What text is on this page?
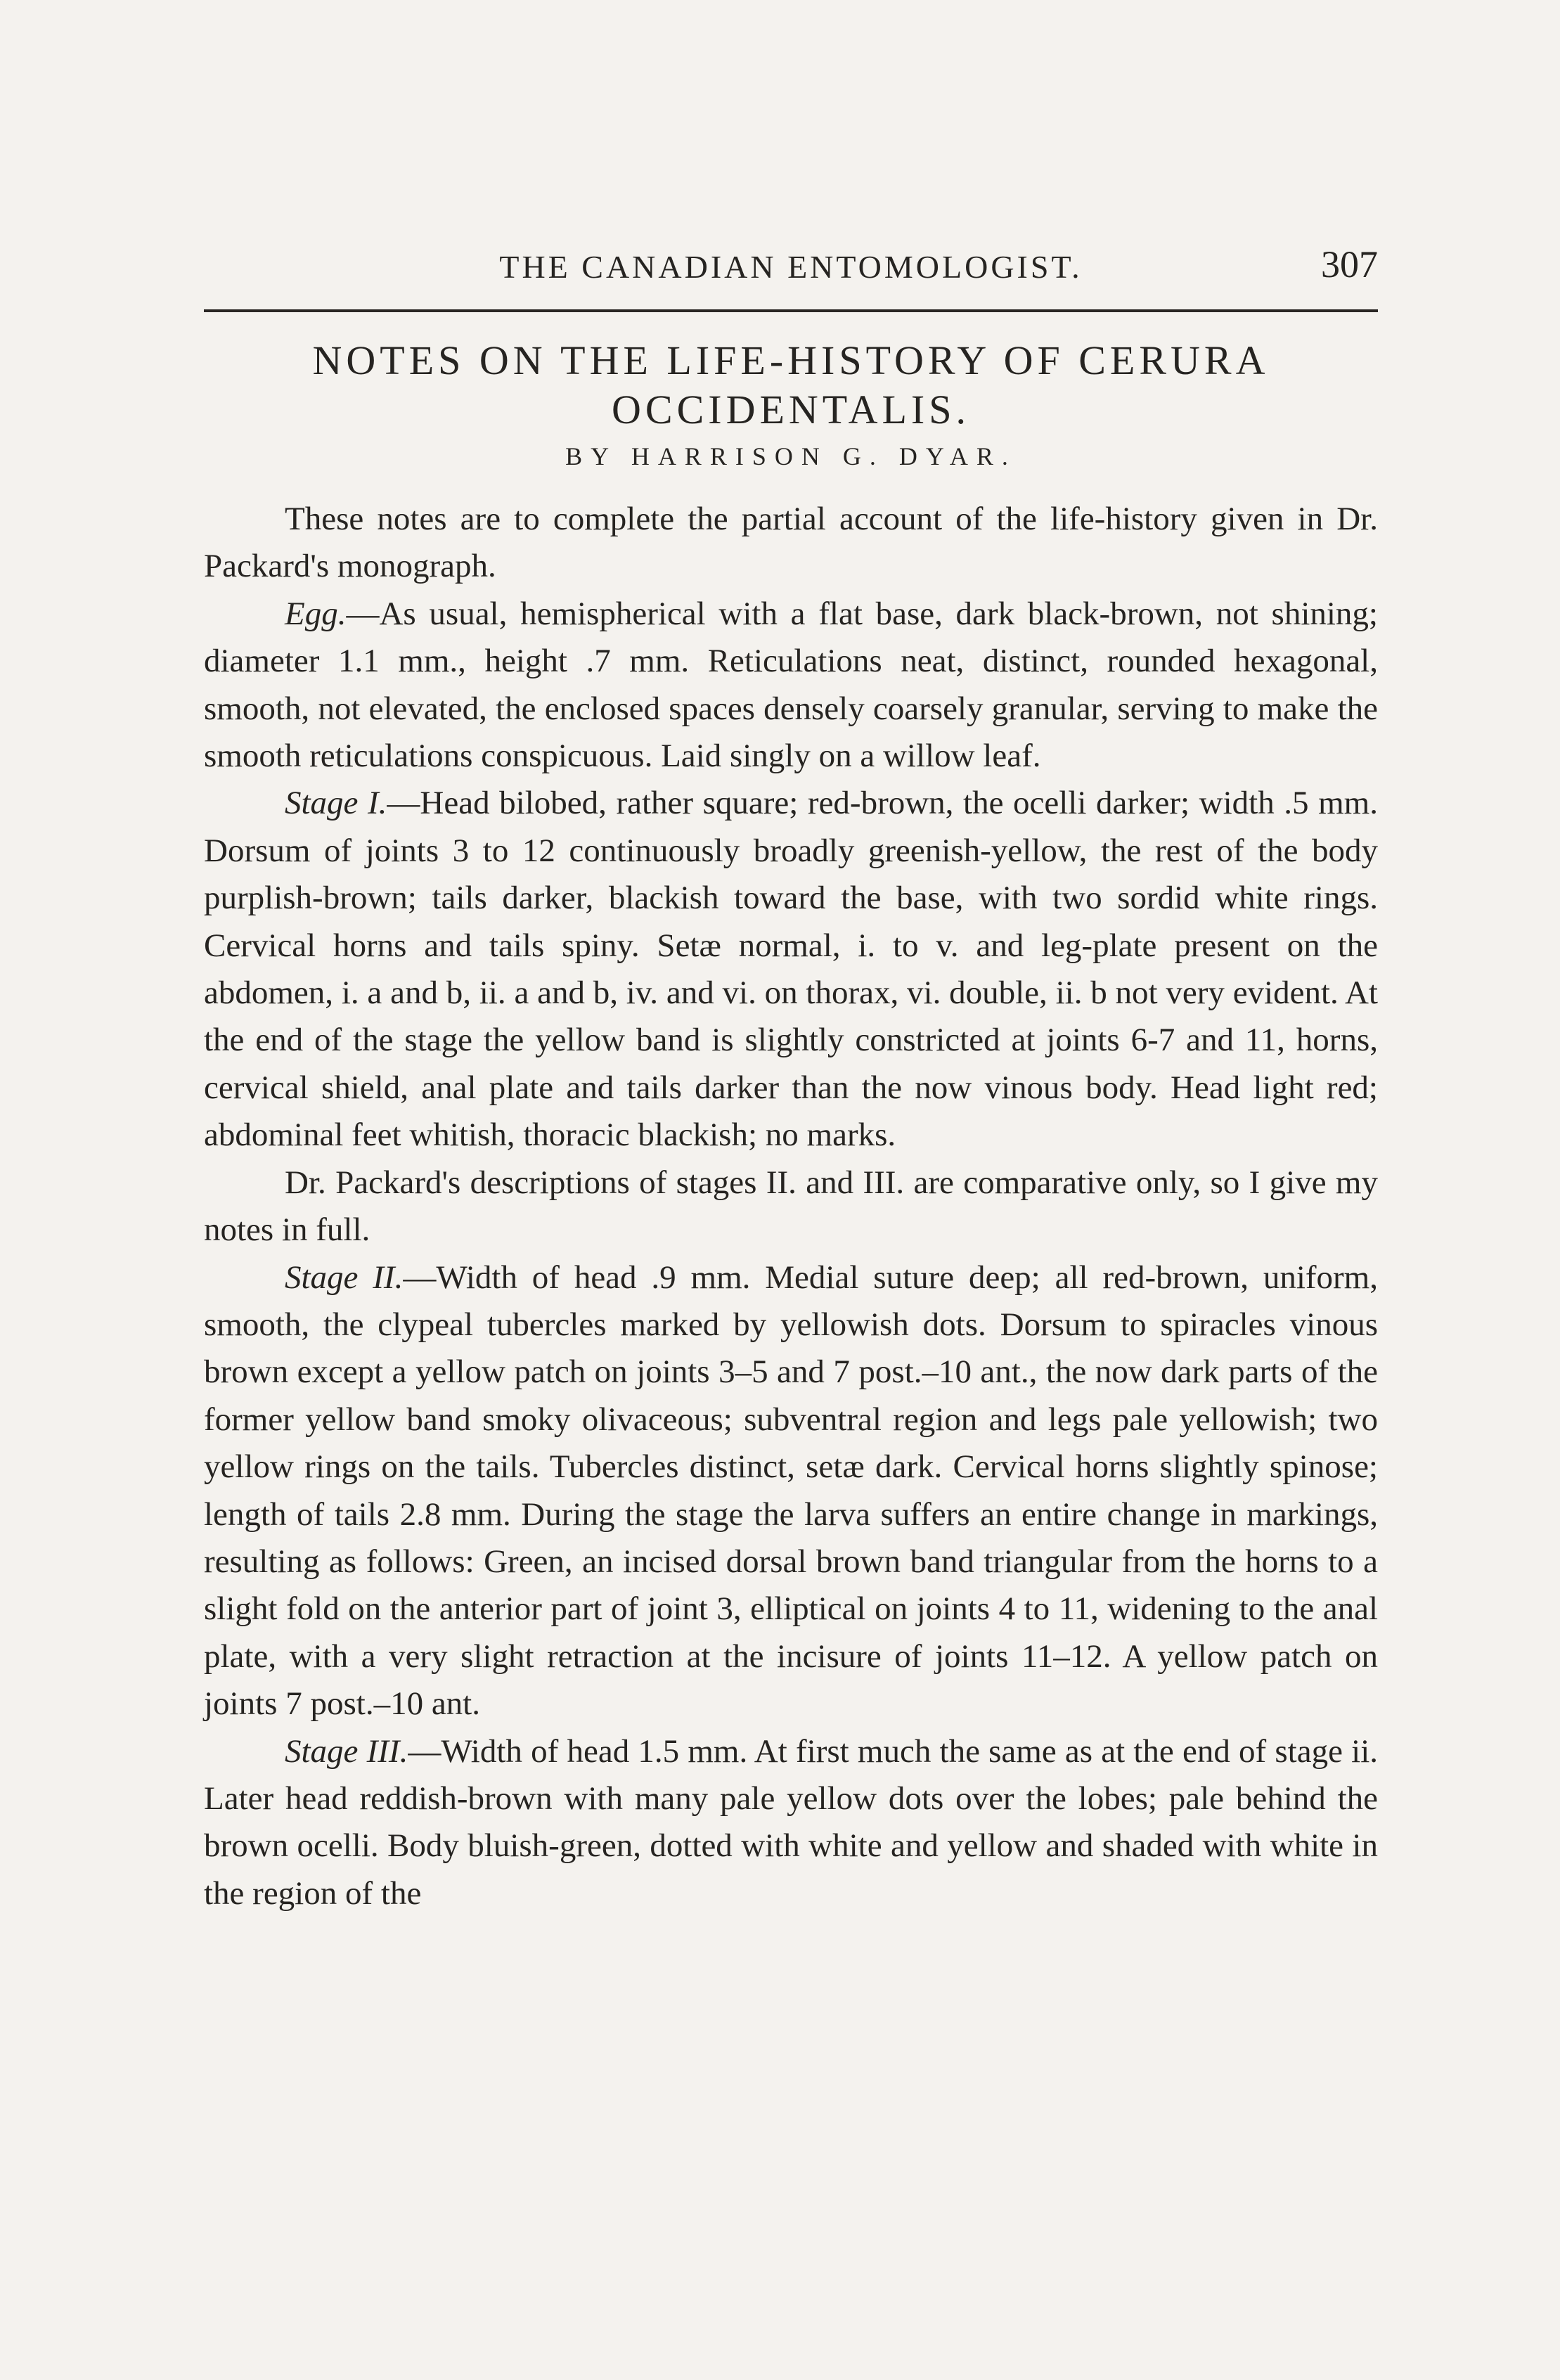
THE CANADIAN ENTOMOLOGIST.	307
NOTES ON THE LIFE-HISTORY OF CERURA
OCCIDENTALIS.
BY HARRISON G. DYAR.

These notes are to complete the partial account of the life-history given in Dr. Packard's monograph.

Egg.—As usual, hemispherical with a flat base, dark black-brown, not shining; diameter 1.1 mm., height .7 mm. Reticulations neat, distinct, rounded hexagonal, smooth, not elevated, the enclosed spaces densely coarsely granular, serving to make the smooth reticulations conspicuous. Laid singly on a willow leaf.

Stage I.—Head bilobed, rather square; red-brown, the ocelli darker; width .5 mm. Dorsum of joints 3 to 12 continuously broadly greenish-yellow, the rest of the body purplish-brown; tails darker, blackish toward the base, with two sordid white rings. Cervical horns and tails spiny. Setæ normal, i. to v. and leg-plate present on the abdomen, i. a and b, ii. a and b, iv. and vi. on thorax, vi. double, ii. b not very evident. At the end of the stage the yellow band is slightly constricted at joints 6-7 and 11, horns, cervical shield, anal plate and tails darker than the now vinous body. Head light red; abdominal feet whitish, thoracic blackish; no marks.

Dr. Packard's descriptions of stages II. and III. are comparative only, so I give my notes in full.

Stage II.—Width of head .9 mm. Medial suture deep; all red-brown, uniform, smooth, the clypeal tubercles marked by yellowish dots. Dorsum to spiracles vinous brown except a yellow patch on joints 3–5 and 7 post.–10 ant., the now dark parts of the former yellow band smoky olivaceous; subventral region and legs pale yellowish; two yellow rings on the tails. Tubercles distinct, setæ dark. Cervical horns slightly spinose; length of tails 2.8 mm. During the stage the larva suffers an entire change in markings, resulting as follows: Green, an incised dorsal brown band triangular from the horns to a slight fold on the anterior part of joint 3, elliptical on joints 4 to 11, widening to the anal plate, with a very slight retraction at the incisure of joints 11–12. A yellow patch on joints 7 post.–10 ant.

Stage III.—Width of head 1.5 mm. At first much the same as at the end of stage ii. Later head reddish-brown with many pale yellow dots over the lobes; pale behind the brown ocelli. Body bluish-green, dotted with white and yellow and shaded with white in the region of the
